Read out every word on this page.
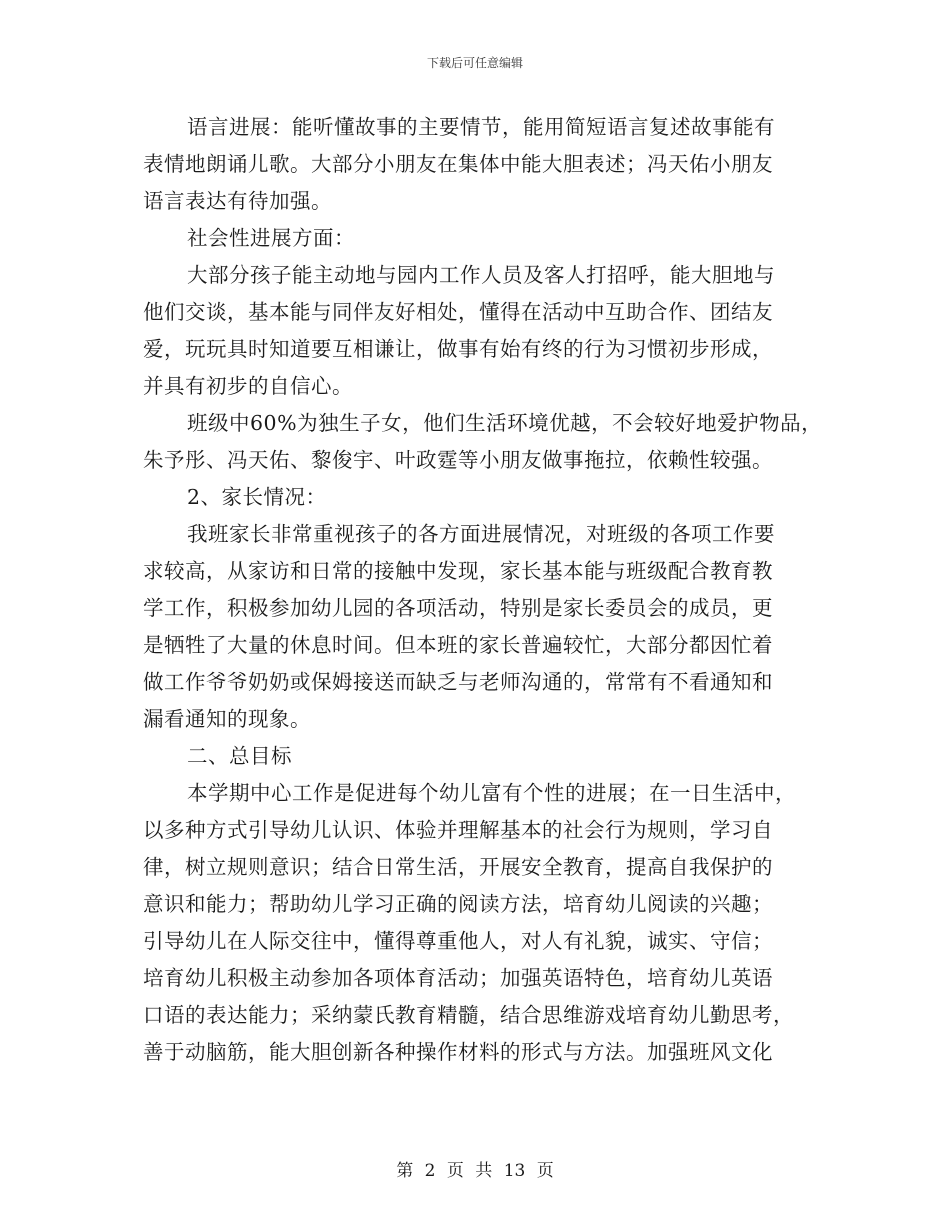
下载后可任意编辑
语言进展：能听懂故事的主要情节，能用简短语言复述故事能有
表情地朗诵儿歌。大部分小朋友在集体中能大胆表述；冯天佑小朋友
语言表达有待加强。
社会性进展方面：
大部分孩子能主动地与园内工作人员及客人打招呼，能大胆地与
他们交谈，基本能与同伴友好相处，懂得在活动中互助合作、团结友
爱，玩玩具时知道要互相谦让，做事有始有终的行为习惯初步形成，
并具有初步的自信心。
班级中60%为独生子女，他们生活环境优越，不会较好地爱护物品，
朱予彤、冯天佑、黎俊宇、叶政霆等小朋友做事拖拉，依赖性较强。
2、家长情况：
我班家长非常重视孩子的各方面进展情况，对班级的各项工作要
求较高，从家访和日常的接触中发现，家长基本能与班级配合教育教
学工作，积极参加幼儿园的各项活动，特别是家长委员会的成员，更
是牺牲了大量的休息时间。但本班的家长普遍较忙，大部分都因忙着
做工作爷爷奶奶或保姆接送而缺乏与老师沟通的，常常有不看通知和
漏看通知的现象。
二、总目标
本学期中心工作是促进每个幼儿富有个性的进展；在一日生活中，
以多种方式引导幼儿认识、体验并理解基本的社会行为规则，学习自
律，树立规则意识；结合日常生活，开展安全教育，提高自我保护的
意识和能力；帮助幼儿学习正确的阅读方法，培育幼儿阅读的兴趣；
引导幼儿在人际交往中，懂得尊重他人，对人有礼貌，诚实、守信；
培育幼儿积极主动参加各项体育活动；加强英语特色，培育幼儿英语
口语的表达能力；采纳蒙氏教育精髓，结合思维游戏培育幼儿勤思考，
善于动脑筋，能大胆创新各种操作材料的形式与方法。加强班风文化
第 2 页 共 13 页
